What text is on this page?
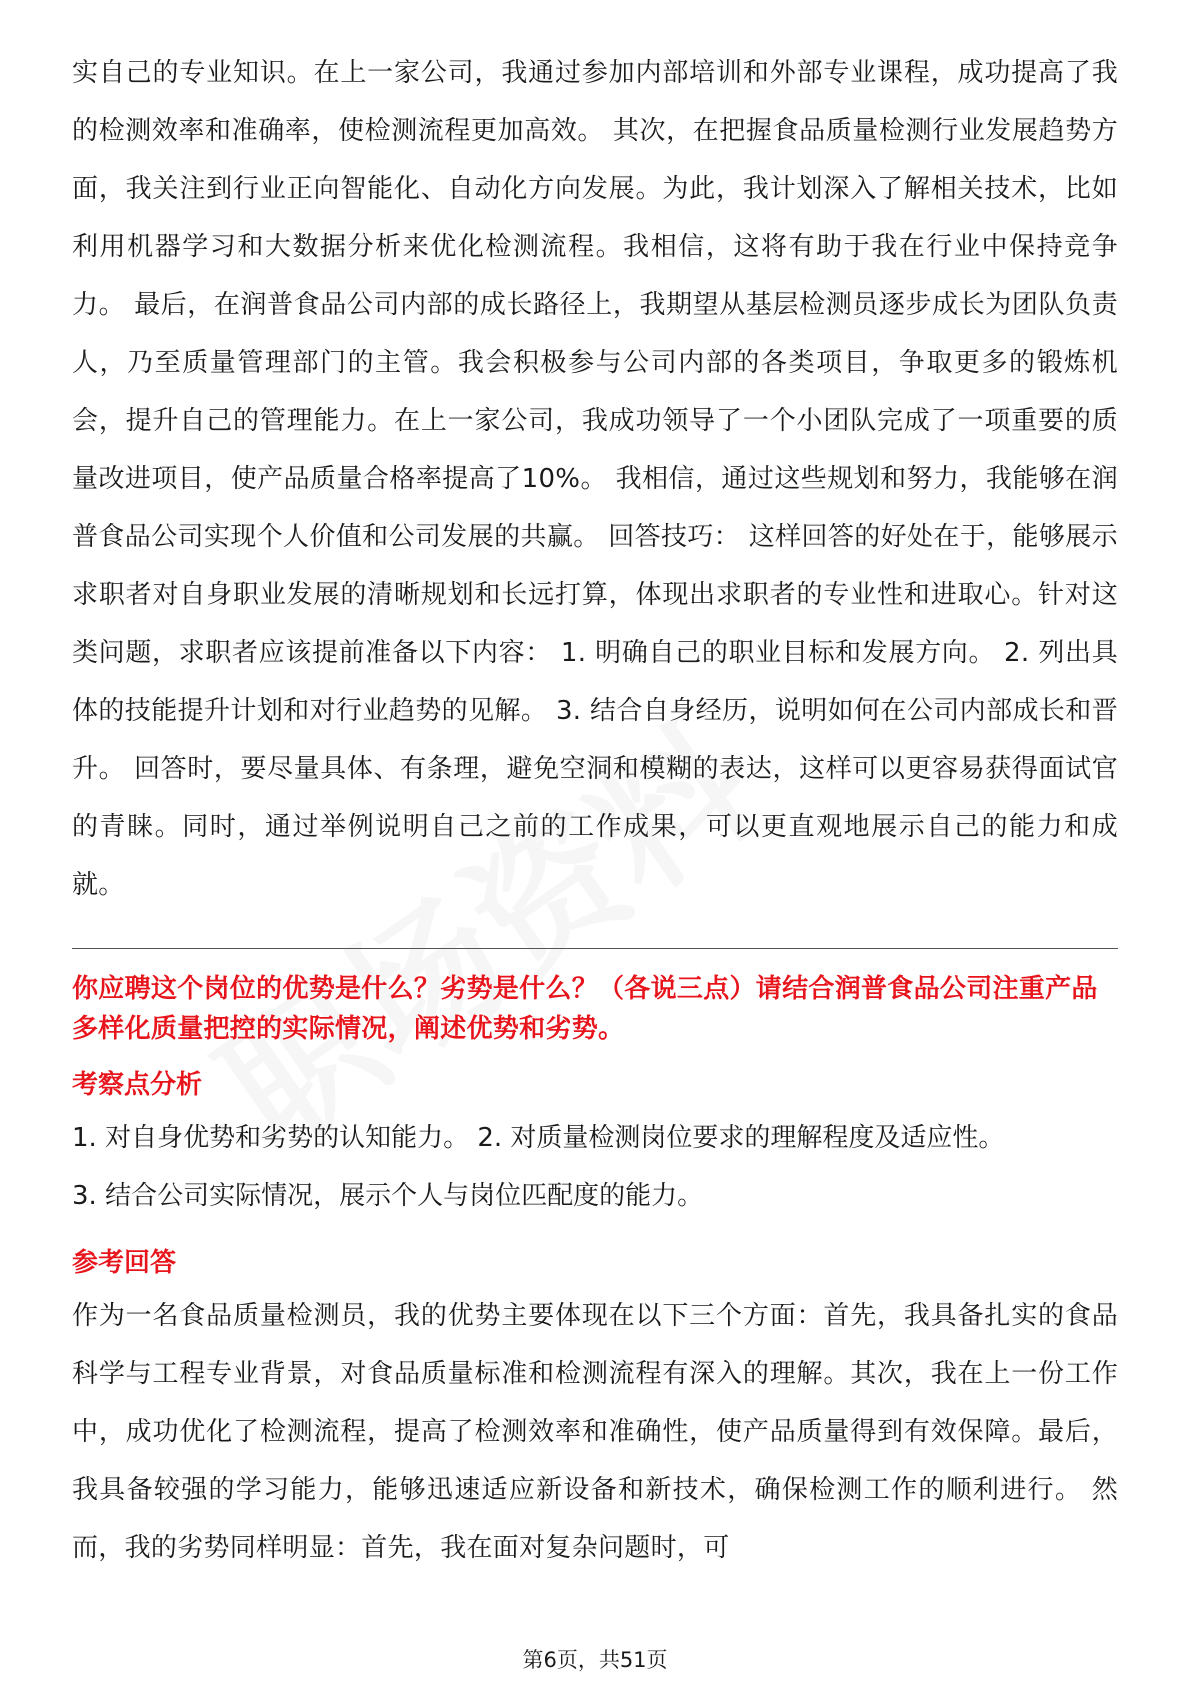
实自己的专业知识。在上一家公司，我通过参加内部培训和外部专业课程，成功提高了我的检测效率和准确率，使检测流程更加高效。 其次，在把握食品质量检测行业发展趋势方面，我关注到行业正向智能化、自动化方向发展。为此，我计划深入了解相关技术，比如利用机器学习和大数据分析来优化检测流程。我相信，这将有助于我在行业中保持竞争力。 最后，在润普食品公司内部的成长路径上，我期望从基层检测员逐步成长为团队负责人，乃至质量管理部门的主管。我会积极参与公司内部的各类项目，争取更多的锻炼机会，提升自己的管理能力。在上一家公司，我成功领导了一个小团队完成了一项重要的质量改进项目，使产品质量合格率提高了10%。 我相信，通过这些规划和努力，我能够在润普食品公司实现个人价值和公司发展的共赢。 回答技巧： 这样回答的好处在于，能够展示求职者对自身职业发展的清晰规划和长远打算，体现出求职者的专业性和进取心。针对这类问题，求职者应该提前准备以下内容： 1. 明确自己的职业目标和发展方向。 2. 列出具体的技能提升计划和对行业趋势的见解。 3. 结合自身经历，说明如何在公司内部成长和晋升。 回答时，要尽量具体、有条理，避免空洞和模糊的表达，这样可以更容易获得面试官的青睐。同时，通过举例说明自己之前的工作成果，可以更直观地展示自己的能力和成就。

你应聘这个岗位的优势是什么？劣势是什么？（各说三点）请结合润普食品公司注重产品多样化质量把控的实际情况，阐述优势和劣势。

考察点分析

1. 对自身优势和劣势的认知能力。 2. 对质量检测岗位要求的理解程度及适应性。

3. 结合公司实际情况，展示个人与岗位匹配度的能力。

参考回答

作为一名食品质量检测员，我的优势主要体现在以下三个方面：首先，我具备扎实的食品科学与工程专业背景，对食品质量标准和检测流程有深入的理解。其次，我在上一份工作中，成功优化了检测流程，提高了检测效率和准确性，使产品质量得到有效保障。最后，我具备较强的学习能力，能够迅速适应新设备和新技术，确保检测工作的顺利进行。 然而，我的劣势同样明显：首先，我在面对复杂问题时，可

第6页，共51页
